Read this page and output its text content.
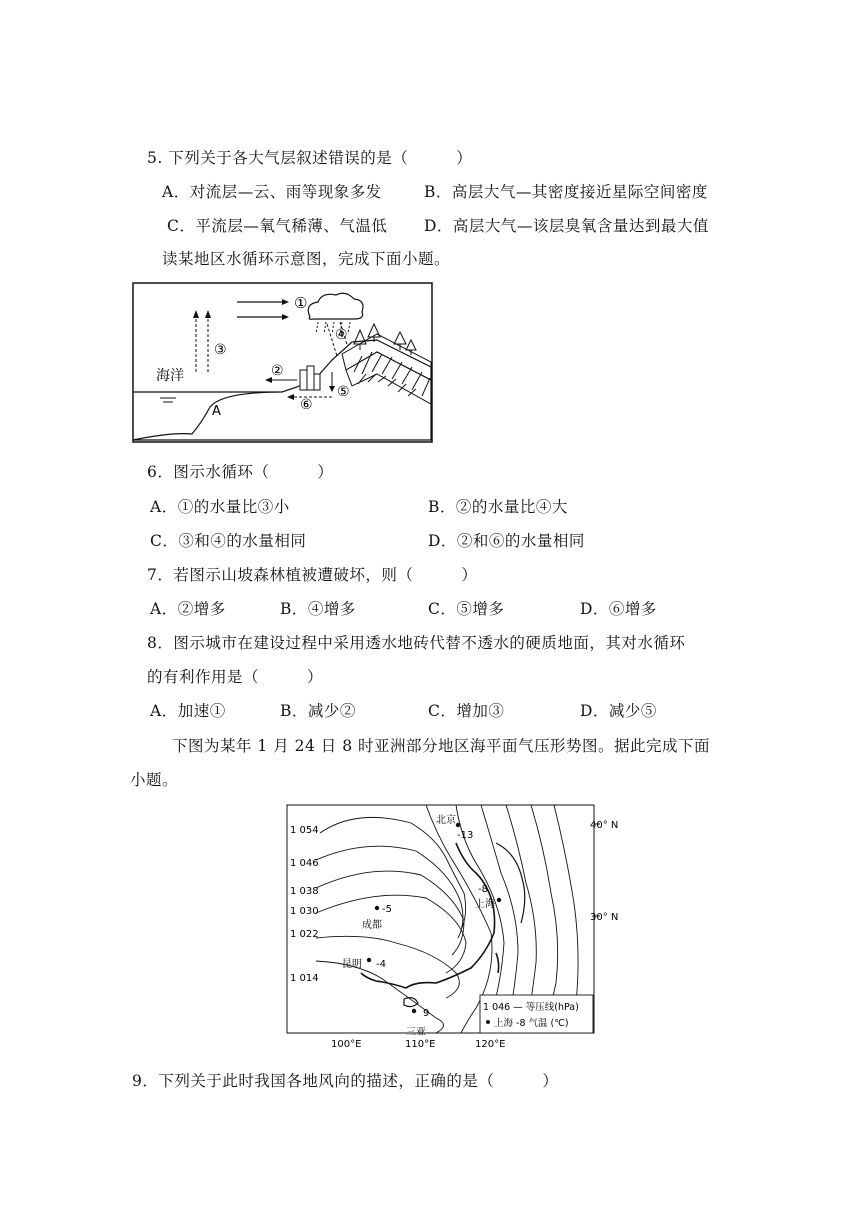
5. 下列关于各大气层叙述错误的是（　　　）
A．对流层—云、雨等现象多发	B．高层大气—其密度接近星际空间密度
C．平流层—氧气稀薄、气温低 D．高层大气—该层臭氧含量达到最大值
读某地区水循环示意图，完成下面小题。
①
④
③
海洋
A
②
⑤
⑥
6．图示水循环（　　　）
A．①的水量比③小	B．②的水量比④大
C．③和④的水量相同	D．②和⑥的水量相同
7．若图示山坡森林植被遭破坏，则（　　　）
A．②增多	B．④增多	C．⑤增多	D．⑥增多
8．图示城市在建设过程中采用透水地砖代替不透水的硬质地面，其对水循环
的有利作用是（　　　）
A．加速①	B．减少②	C．增加③	D．减少⑤
下图为某年 1 月 24 日 8 时亚洲部分地区海平面气压形势图。据此完成下面
小题。
1 054
1 046
1 038
1 030
1 022
1 014
40° N
30° N
100°E	110°E	120°E
北京
-13
上海
-8
成都
-5
昆明 -4
三亚
9
1 046 — 等压线(hPa)
上海 -8 气温 (℃)
9．下列关于此时我国各地风向的描述，正确的是（　　　）
